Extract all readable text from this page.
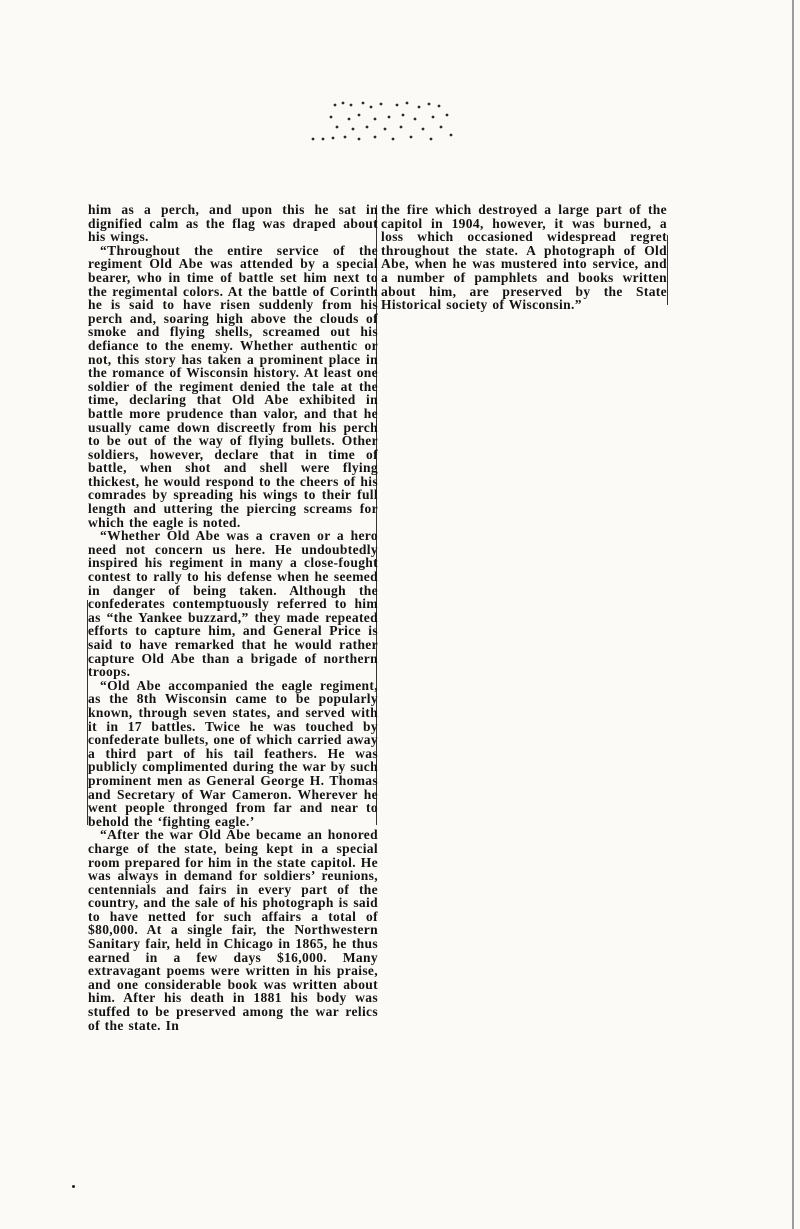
him as a perch, and upon this he sat in dignified calm as the flag was draped about his wings.

“Throughout the entire service of the regiment Old Abe was attended by a special bearer, who in time of battle set him next to the regimental colors. At the battle of Corinth he is said to have risen suddenly from his perch and, soaring high above the clouds of smoke and flying shells, screamed out his defiance to the enemy. Whether authentic or not, this story has taken a prominent place in the romance of Wisconsin history. At least one soldier of the regiment denied the tale at the time, declaring that Old Abe exhibited in battle more prudence than valor, and that he usually came down discreetly from his perch to be out of the way of flying bullets. Other soldiers, however, declare that in time of battle, when shot and shell were flying thickest, he would respond to the cheers of his comrades by spreading his wings to their full length and uttering the piercing screams for which the eagle is noted.

“Whether Old Abe was a craven or a hero need not concern us here. He undoubtedly inspired his regiment in many a close-fought contest to rally to his defense when he seemed in danger of being taken. Although the confederates contemptuously referred to him as “the Yankee buzzard,” they made repeated efforts to capture him, and General Price is said to have remarked that he would rather capture Old Abe than a brigade of northern troops.

“Old Abe accompanied the eagle regiment, as the 8th Wisconsin came to be popularly known, through seven states, and served with it in 17 battles. Twice he was touched by confederate bullets, one of which carried away a third part of his tail feathers. He was publicly complimented during the war by such prominent men as General George H. Thomas and Secretary of War Cameron. Wherever he went people thronged from far and near to behold the ‘fighting eagle.’

“After the war Old Abe became an honored charge of the state, being kept in a special room prepared for him in the state capitol. He was always in demand for soldiers’ reunions, centennials and fairs in every part of the country, and the sale of his photograph is said to have netted for such affairs a total of $80,000. At a single fair, the Northwestern Sanitary fair, held in Chicago in 1865, he thus earned in a few days $16,000. Many extravagant poems were written in his praise, and one considerable book was written about him. After his death in 1881 his body was stuffed to be preserved among the war relics of the state. In

the fire which destroyed a large part of the capitol in 1904, however, it was burned, a loss which occasioned widespread regret throughout the state. A photograph of Old Abe, when he was mustered into service, and a number of pamphlets and books written about him, are preserved by the State Historical society of Wisconsin.”
